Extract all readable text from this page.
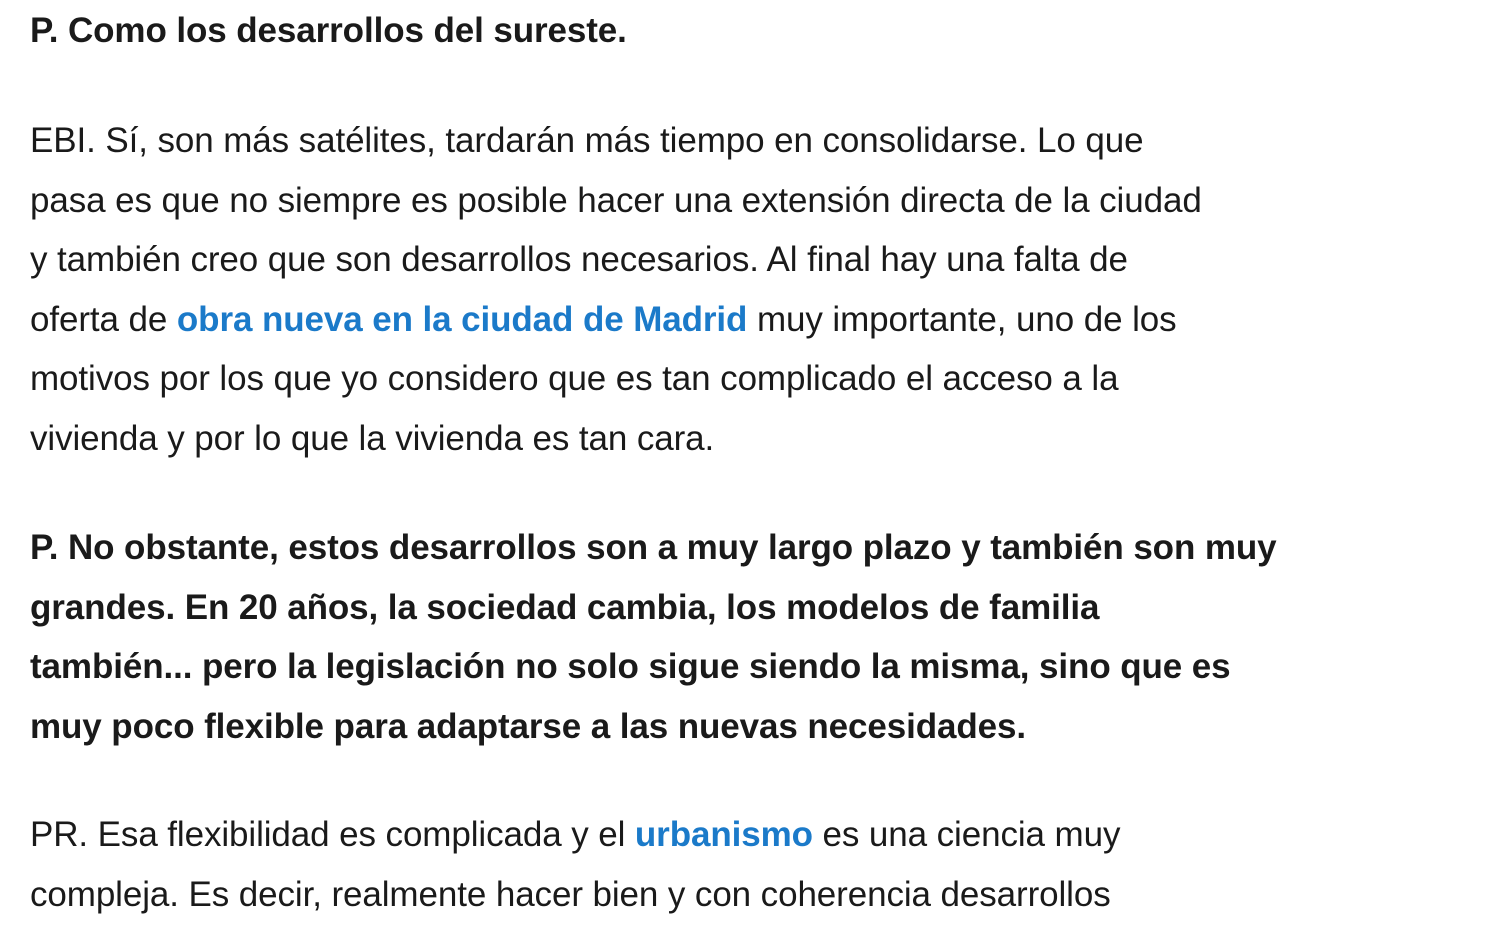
P. Como los desarrollos del sureste.

EBI. Sí, son más satélites, tardarán más tiempo en consolidarse. Lo que
pasa es que no siempre es posible hacer una extensión directa de la ciudad
y también creo que son desarrollos necesarios. Al final hay una falta de
oferta de obra nueva en la ciudad de Madrid muy importante, uno de los
motivos por los que yo considero que es tan complicado el acceso a la
vivienda y por lo que la vivienda es tan cara.

P. No obstante, estos desarrollos son a muy largo plazo y también son muy
grandes. En 20 años, la sociedad cambia, los modelos de familia
también... pero la legislación no solo sigue siendo la misma, sino que es
muy poco flexible para adaptarse a las nuevas necesidades.

PR. Esa flexibilidad es complicada y el urbanismo es una ciencia muy
compleja. Es decir, realmente hacer bien y con coherencia desarrollos
